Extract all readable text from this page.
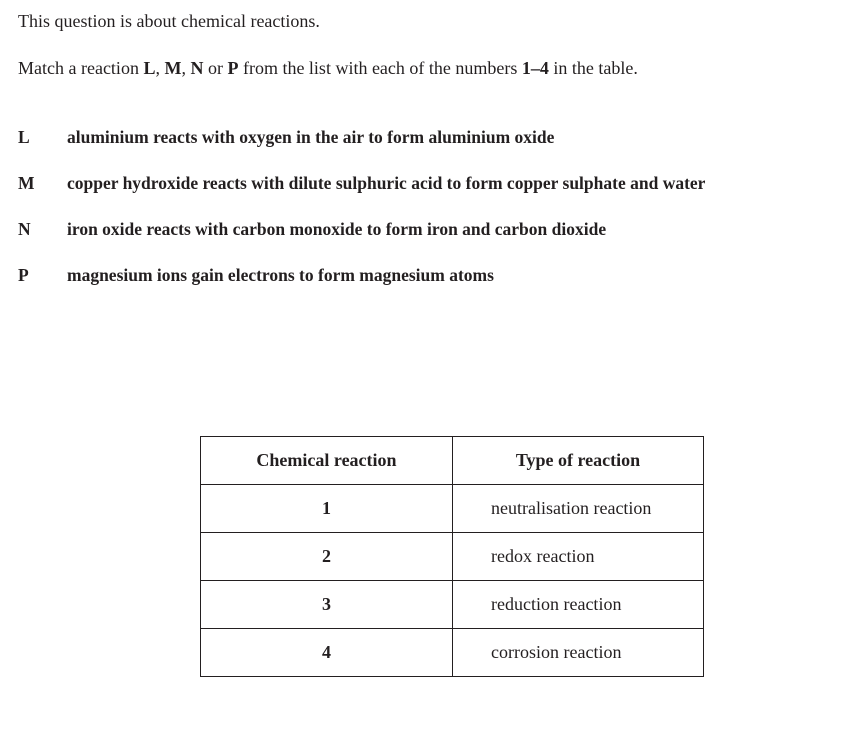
This question is about chemical reactions.
Match a reaction L, M, N or P from the list with each of the numbers 1–4 in the table.
L aluminium reacts with oxygen in the air to form aluminium oxide
M copper hydroxide reacts with dilute sulphuric acid to form copper sulphate and water
N iron oxide reacts with carbon monoxide to form iron and carbon dioxide
P magnesium ions gain electrons to form magnesium atoms
Chemical reaction	Type of reaction
1	neutralisation reaction
2	redox reaction
3	reduction reaction
4	corrosion reaction
